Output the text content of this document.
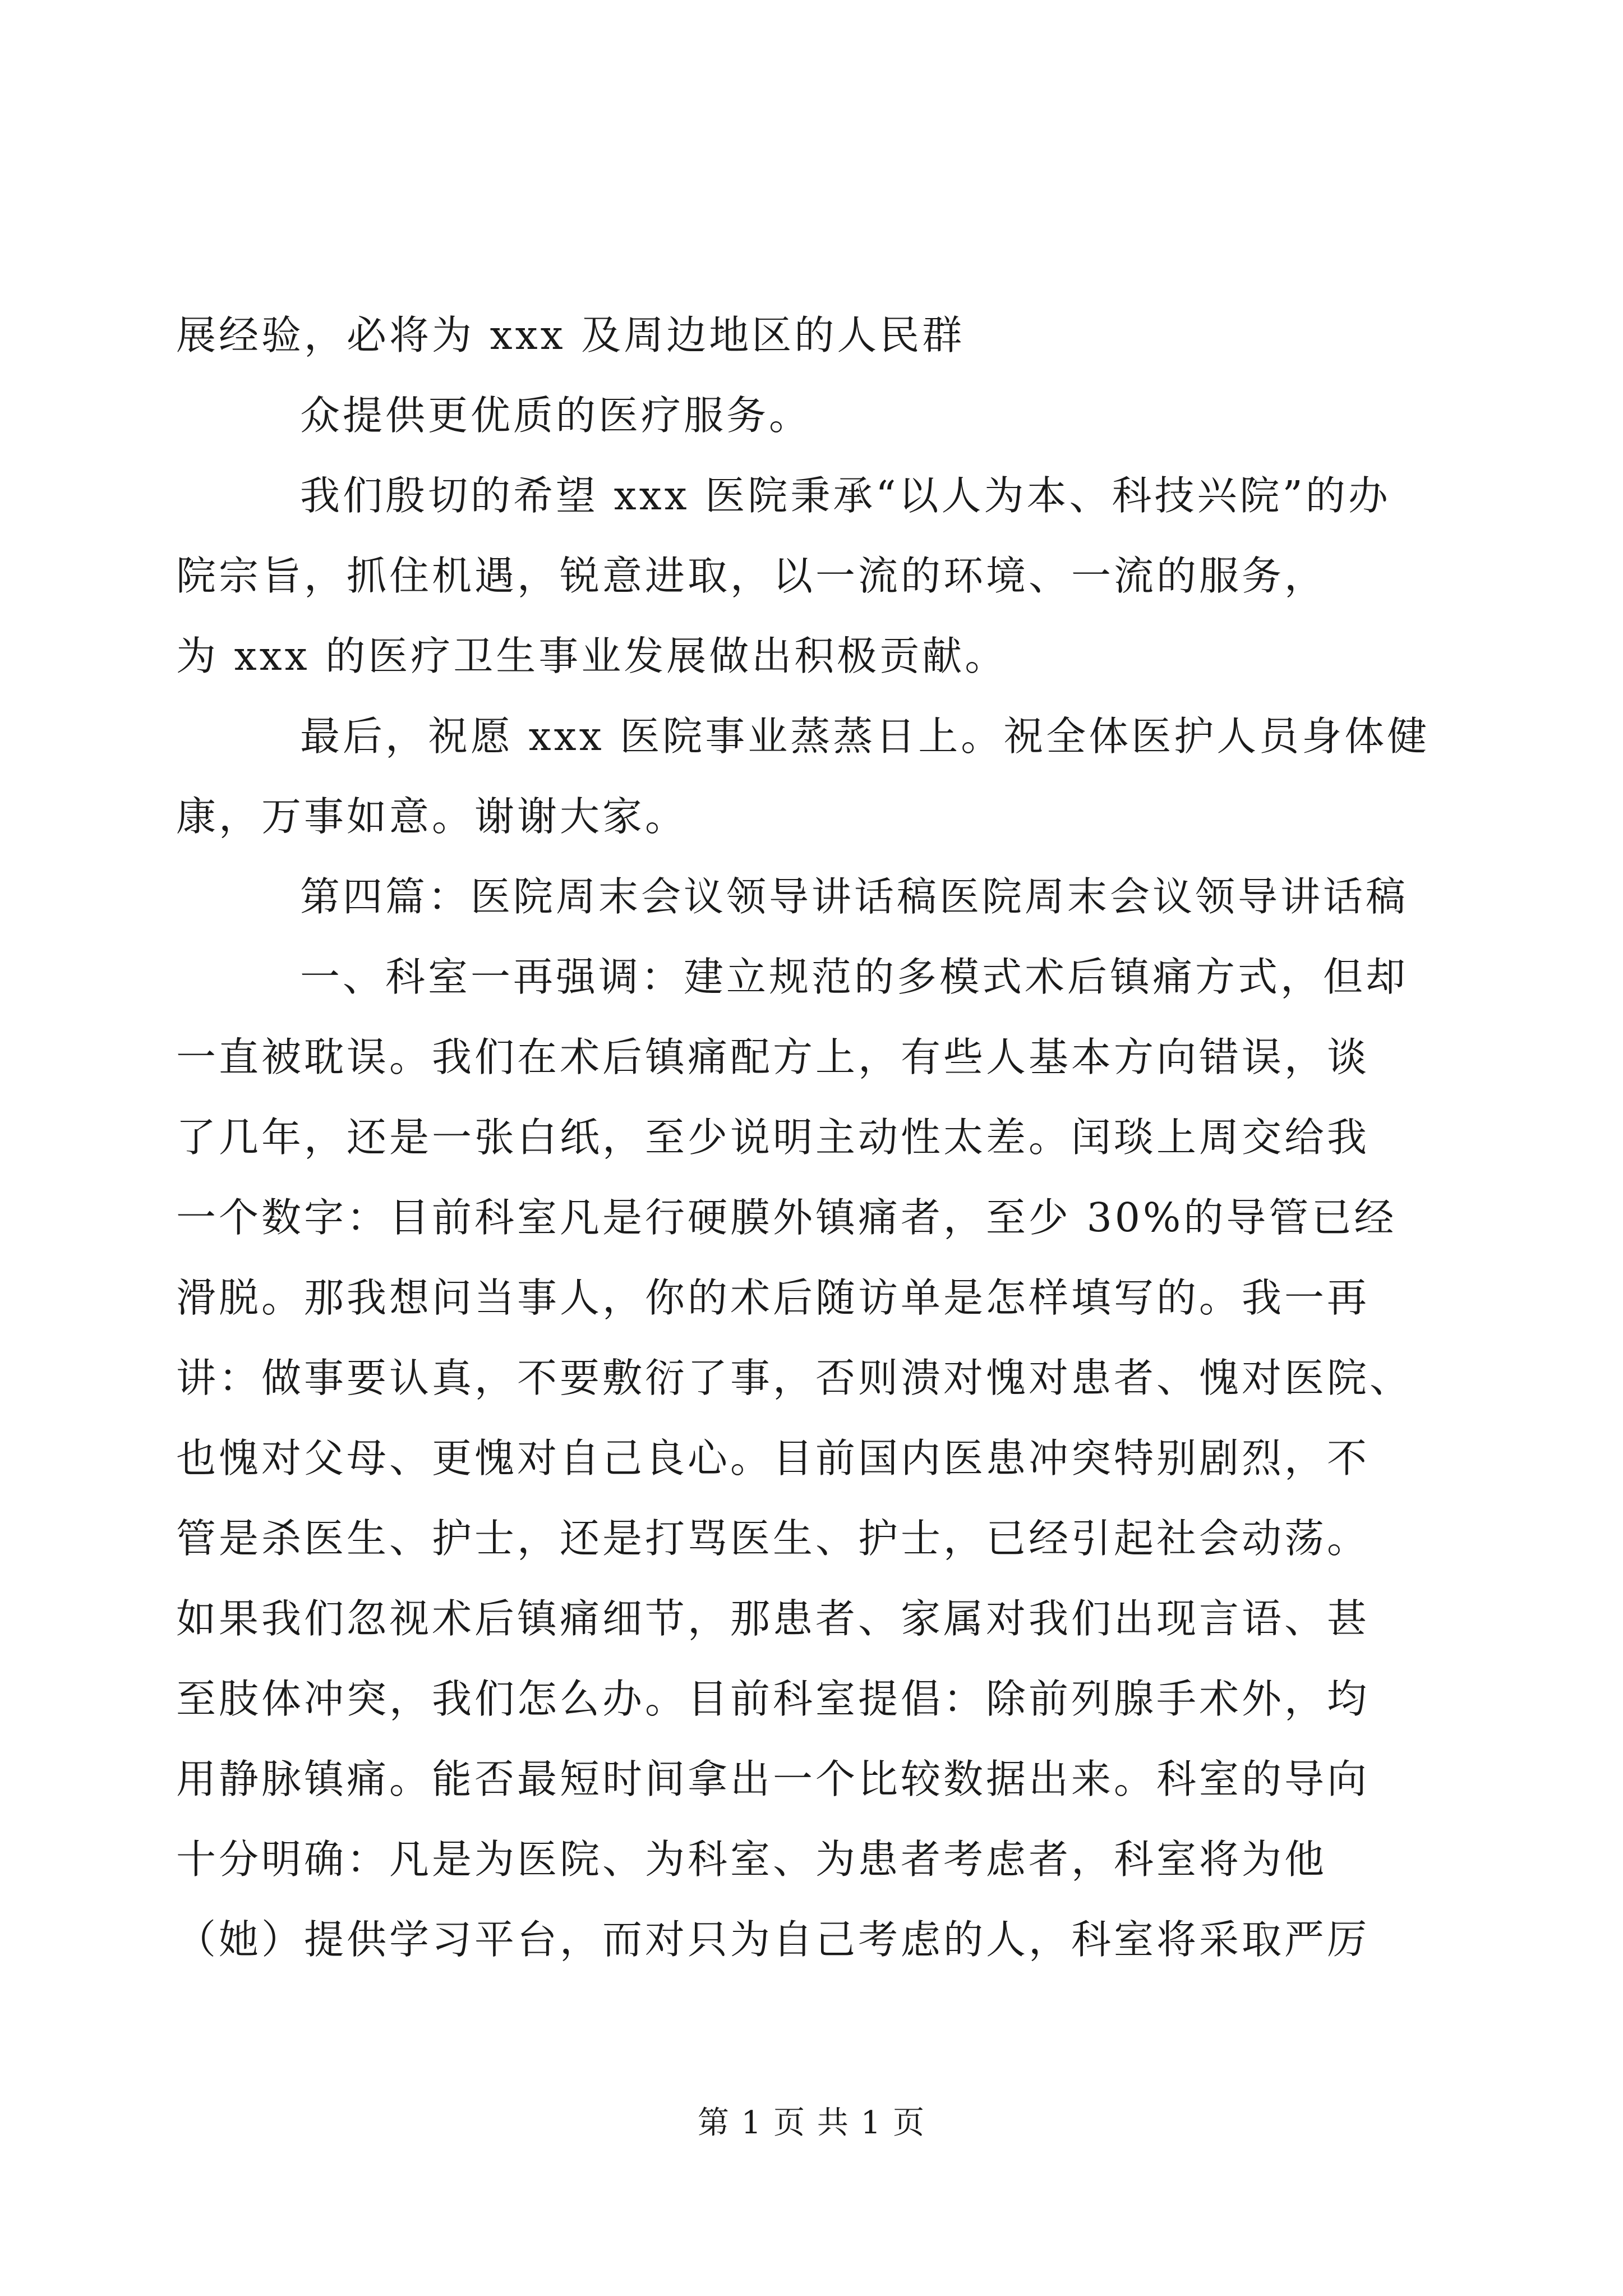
展经验，必将为 xxx 及周边地区的人民群
众提供更优质的医疗服务。
我们殷切的希望 xxx 医院秉承“以人为本、科技兴院”的办
院宗旨，抓住机遇，锐意进取，以一流的环境、一流的服务，
为 xxx 的医疗卫生事业发展做出积极贡献。
最后，祝愿 xxx 医院事业蒸蒸日上。祝全体医护人员身体健
康，万事如意。谢谢大家。
第四篇：医院周末会议领导讲话稿医院周末会议领导讲话稿
一、科室一再强调：建立规范的多模式术后镇痛方式，但却
一直被耽误。我们在术后镇痛配方上，有些人基本方向错误，谈
了几年，还是一张白纸，至少说明主动性太差。闰琰上周交给我
一个数字：目前科室凡是行硬膜外镇痛者，至少 30%的导管已经
滑脱。那我想问当事人，你的术后随访单是怎样填写的。我一再
讲：做事要认真，不要敷衍了事，否则溃对愧对患者、愧对医院、
也愧对父母、更愧对自己良心。目前国内医患冲突特别剧烈，不
管是杀医生、护士，还是打骂医生、护士，已经引起社会动荡。
如果我们忽视术后镇痛细节，那患者、家属对我们出现言语、甚
至肢体冲突，我们怎么办。目前科室提倡：除前列腺手术外，均
用静脉镇痛。能否最短时间拿出一个比较数据出来。科室的导向
十分明确：凡是为医院、为科室、为患者考虑者，科室将为他
（她）提供学习平台，而对只为自己考虑的人，科室将采取严厉
第 1 页 共 1 页
